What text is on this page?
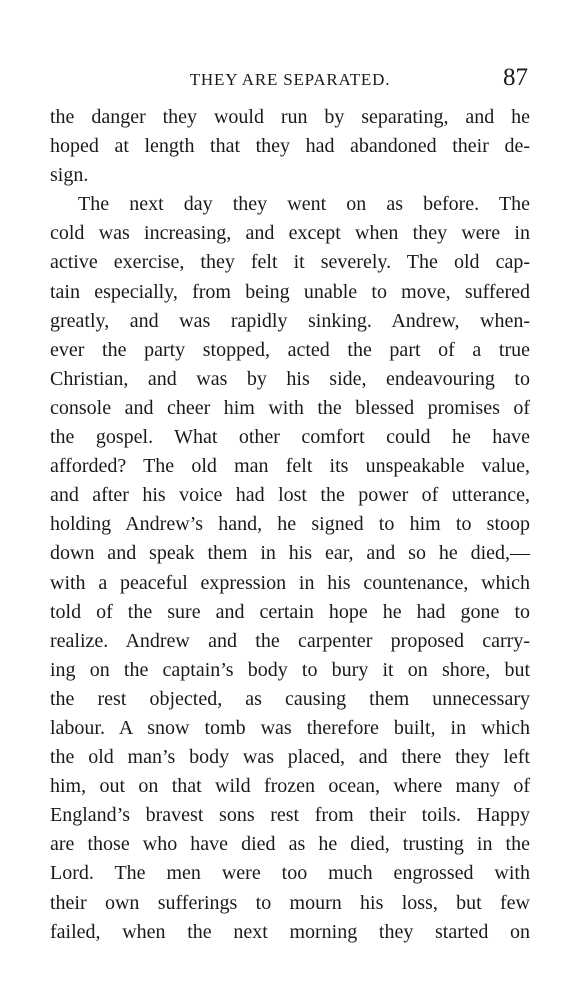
THEY ARE SEPARATED.	87
the danger they would run by separating, and he
hoped at length that they had abandoned their de-
sign.
The next day they went on as before. The
cold was increasing, and except when they were in
active exercise, they felt it severely. The old cap-
tain especially, from being unable to move, suffered
greatly, and was rapidly sinking. Andrew, when-
ever the party stopped, acted the part of a true
Christian, and was by his side, endeavouring to
console and cheer him with the blessed promises of
the gospel. What other comfort could he have
afforded? The old man felt its unspeakable value,
and after his voice had lost the power of utterance,
holding Andrew’s hand, he signed to him to stoop
down and speak them in his ear, and so he died,—
with a peaceful expression in his countenance, which
told of the sure and certain hope he had gone to
realize. Andrew and the carpenter proposed carry-
ing on the captain’s body to bury it on shore, but
the rest objected, as causing them unnecessary
labour. A snow tomb was therefore built, in which
the old man’s body was placed, and there they left
him, out on that wild frozen ocean, where many of
England’s bravest sons rest from their toils. Happy
are those who have died as he died, trusting in the
Lord. The men were too much engrossed with
their own sufferings to mourn his loss, but few
failed, when the next morning they started on
